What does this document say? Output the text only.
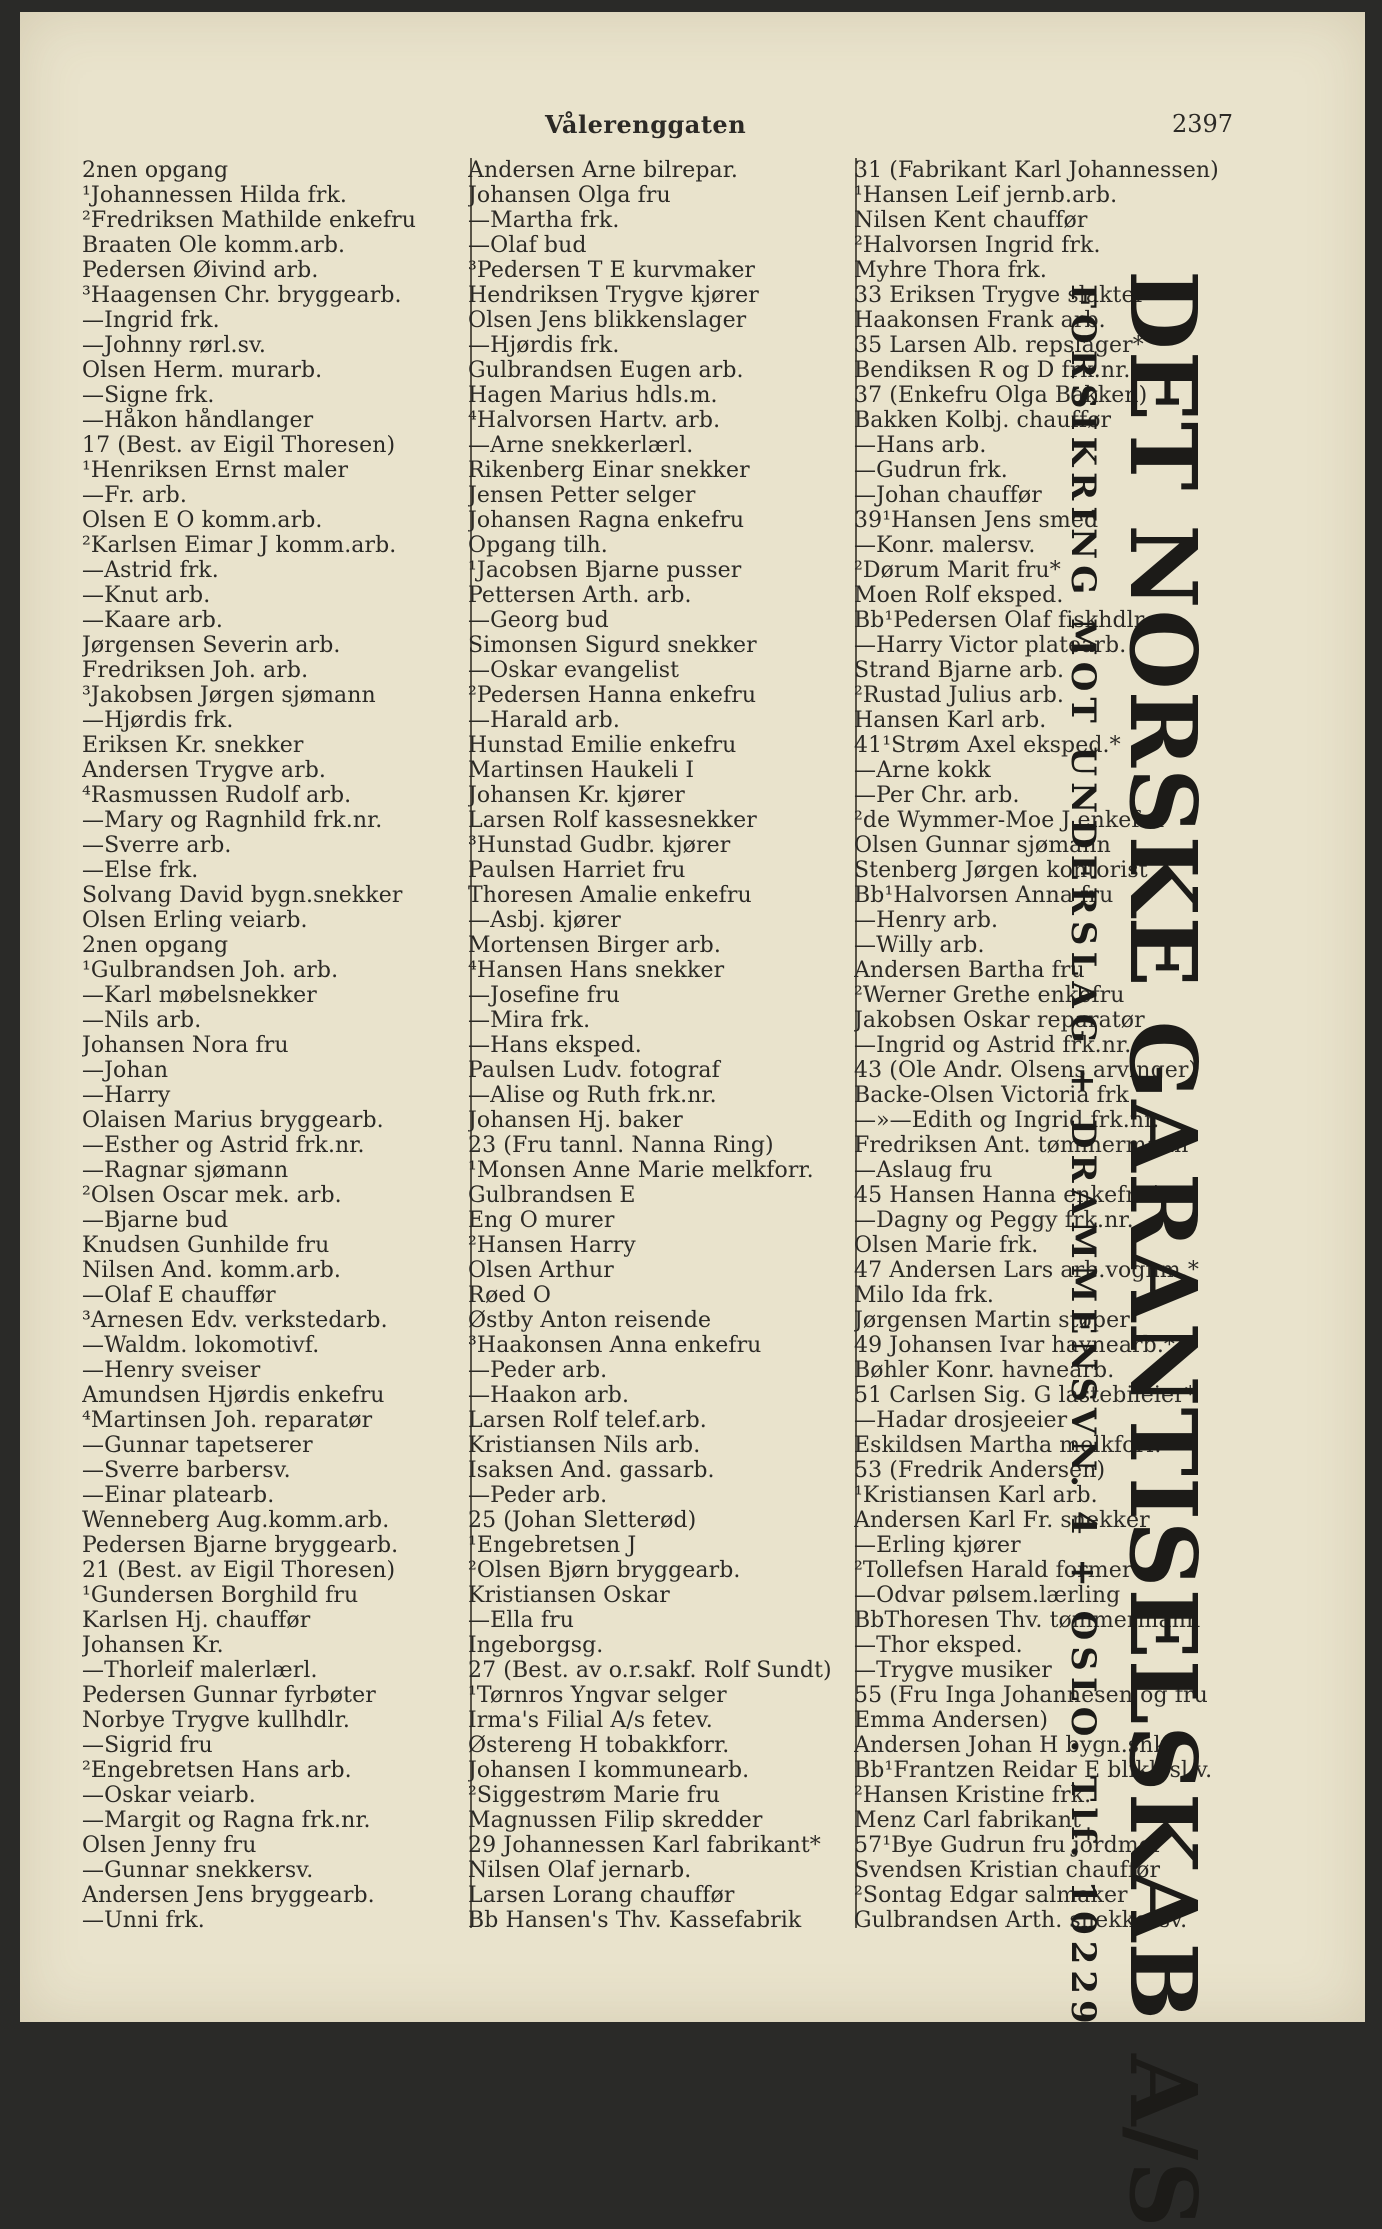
Vålerenggaten	2397
2nen opgang
¹Johannessen Hilda frk.
²Fredriksen Mathilde enkefru
Braaten Ole komm.arb.
Pedersen Øivind arb.
³Haagensen Chr. bryggearb.
—Ingrid frk.
—Johnny rørl.sv.
Olsen Herm. murarb.
—Signe frk.
—Håkon håndlanger
17 (Best. av Eigil Thoresen)
¹Henriksen Ernst maler
—Fr. arb.
Olsen E O komm.arb.
²Karlsen Eimar J komm.arb.
—Astrid frk.
—Knut arb.
—Kaare arb.
Jørgensen Severin arb.
Fredriksen Joh. arb.
³Jakobsen Jørgen sjømann
—Hjørdis frk.
Eriksen Kr. snekker
Andersen Trygve arb.
⁴Rasmussen Rudolf arb.
—Mary og Ragnhild frk.nr.
—Sverre arb.
—Else frk.
Solvang David bygn.snekker
Olsen Erling veiarb.
2nen opgang
¹Gulbrandsen Joh. arb.
—Karl møbelsnekker
—Nils arb.
Johansen Nora fru
—Johan
—Harry
Olaisen Marius bryggearb.
—Esther og Astrid frk.nr.
—Ragnar sjømann
²Olsen Oscar mek. arb.
—Bjarne bud
Knudsen Gunhilde fru
Nilsen And. komm.arb.
—Olaf E chauffør
³Arnesen Edv. verkstedarb.
—Waldm. lokomotivf.
—Henry sveiser
Amundsen Hjørdis enkefru
⁴Martinsen Joh. reparatør
—Gunnar tapetserer
—Sverre barbersv.
—Einar platearb.
Wenneberg Aug.komm.arb.
Pedersen Bjarne bryggearb.
21 (Best. av Eigil Thoresen)
¹Gundersen Borghild fru
Karlsen Hj. chauffør
Johansen Kr.
—Thorleif malerlærl.
Pedersen Gunnar fyrbøter
Norbye Trygve kullhdlr.
—Sigrid fru
²Engebretsen Hans arb.
—Oskar veiarb.
—Margit og Ragna frk.nr.
Olsen Jenny fru
—Gunnar snekkersv.
Andersen Jens bryggearb.
—Unni frk.
Andersen Arne bilrepar.
Johansen Olga fru
—Martha frk.
—Olaf bud
³Pedersen T E kurvmaker
Hendriksen Trygve kjører
Olsen Jens blikkenslager
—Hjørdis frk.
Gulbrandsen Eugen arb.
Hagen Marius hdls.m.
⁴Halvorsen Hartv. arb.
—Arne snekkerlærl.
Rikenberg Einar snekker
Jensen Petter selger
Johansen Ragna enkefru
Opgang tilh.
¹Jacobsen Bjarne pusser
Pettersen Arth. arb.
—Georg bud
Simonsen Sigurd snekker
—Oskar evangelist
²Pedersen Hanna enkefru
—Harald arb.
Hunstad Emilie enkefru
Martinsen Haukeli I
Johansen Kr. kjører
Larsen Rolf kassesnekker
³Hunstad Gudbr. kjører
Paulsen Harriet fru
Thoresen Amalie enkefru
—Asbj. kjører
Mortensen Birger arb.
⁴Hansen Hans snekker
—Josefine fru
—Mira frk.
—Hans eksped.
Paulsen Ludv. fotograf
—Alise og Ruth frk.nr.
Johansen Hj. baker
23 (Fru tannl. Nanna Ring)
¹Monsen Anne Marie melkforr.
Gulbrandsen E
Eng O murer
²Hansen Harry
Olsen Arthur
Røed O
Østby Anton reisende
³Haakonsen Anna enkefru
—Peder arb.
—Haakon arb.
Larsen Rolf telef.arb.
Kristiansen Nils arb.
Isaksen And. gassarb.
—Peder arb.
25 (Johan Sletterød)
¹Engebretsen J
²Olsen Bjørn bryggearb.
Kristiansen Oskar
—Ella fru
Ingeborgsg.
27 (Best. av o.r.sakf. Rolf Sundt)
¹Tørnros Yngvar selger
Irma's Filial A/s fetev.
Østereng H tobakkforr.
Johansen I kommunearb.
²Siggestrøm Marie fru
Magnussen Filip skredder
29 Johannessen Karl fabrikant*
Nilsen Olaf jernarb.
Larsen Lorang chauffør
Bb Hansen's Thv. Kassefabrik
31 (Fabrikant Karl Johannessen)
¹Hansen Leif jernb.arb.
Nilsen Kent chauffør
²Halvorsen Ingrid frk.
Myhre Thora frk.
33 Eriksen Trygve slakter*
Haakonsen Frank arb.
35 Larsen Alb. repslager*
Bendiksen R og D frk.nr.
37 (Enkefru Olga Bakken)
Bakken Kolbj. chauffør
—Hans arb.
—Gudrun frk.
—Johan chauffør
39¹Hansen Jens smed
—Konr. malersv.
²Dørum Marit fru*
Moen Rolf eksped.
Bb¹Pedersen Olaf fiskhdlr.
—Harry Victor platearb.
Strand Bjarne arb.
²Rustad Julius arb.
Hansen Karl arb.
41¹Strøm Axel eksped.*
—Arne kokk
—Per Chr. arb.
²de Wymmer-Moe J enkefru
Olsen Gunnar sjømann
Stenberg Jørgen kontorist
Bb¹Halvorsen Anna fru
—Henry arb.
—Willy arb.
Andersen Bartha fru
²Werner Grethe enkefru
Jakobsen Oskar reparatør
—Ingrid og Astrid frk.nr.
43 (Ole Andr. Olsens arvinger)
Backe-Olsen Victoria frk.
—»—Edith og Ingrid frk.nr.
Fredriksen Ant. tømmermann
—Aslaug fru
45 Hansen Hanna enkefru*
—Dagny og Peggy frk.nr.
Olsen Marie frk.
47 Andersen Lars arb.vognm.*
Milo Ida frk.
Jørgensen Martin støper
49 Johansen Ivar havnearb.*
Bøhler Konr. havnearb.
51 Carlsen Sig. G lastebileier*
—Hadar drosjeeier
Eskildsen Martha melkforr.
53 (Fredrik Andersen)
¹Kristiansen Karl arb.
Andersen Karl Fr. snekker
—Erling kjører
²Tollefsen Harald former
—Odvar pølsem.lærling
BbThoresen Thv. tømmermann
—Thor eksped.
—Trygve musiker
55 (Fru Inga Johannesen og fru
Emma Andersen)
Andersen Johan H bygn.snk.
Bb¹Frantzen Reidar E blikk.sl.v.
²Hansen Kristine frk.
Menz Carl fabrikant
57¹Bye Gudrun fru jordmor
Svendsen Kristian chauffør
²Sontag Edgar salmaker
Gulbrandsen Arth. snekkersv.
DET NORSKE GARANTISELSKAB A/S
FORSIKRING MOT UNDERSLAG + DRAMMENSVN. 4 + OSLO. Tlf. 10229
